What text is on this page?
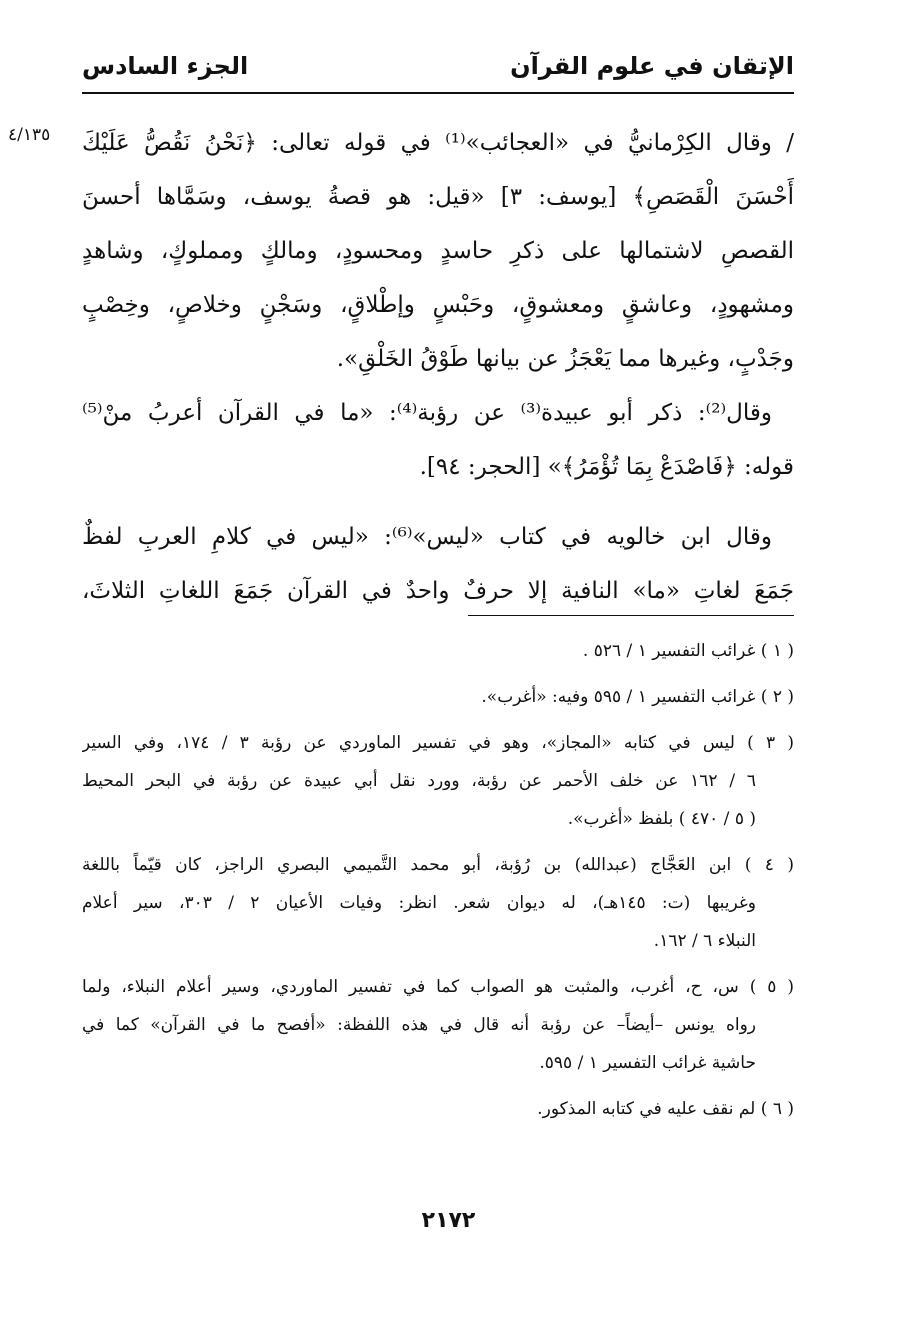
الإتقان في علوم القرآن
الجزء السادس
٤/١٣٥ / وقال الكِرْمانيُّ في «العجائب»⁽¹⁾ في قوله تعالى: ﴿نَحْنُ نَقُصُّ عَلَيْكَ
أَحْسَنَ الْقَصَصِ﴾ [يوسف: ٣] «قيل: هو قصةُ يوسف، وسَمَّاها أحسنَ
القصصِ لاشتمالها على ذكرِ حاسدٍ ومحسودٍ، ومالكٍ ومملوكٍ، وشاهدٍ
ومشهودٍ، وعاشقٍ ومعشوقٍ، وحَبْسٍ وإطْلاقٍ، وسَجْنٍ وخلاصٍ، وخِصْبٍ
وجَدْبٍ، وغيرها مما يَعْجَزُ عن بيانها طَوْقُ الخَلْقِ».
وقال⁽²⁾: ذكر أبو عبيدة⁽³⁾ عن رؤبة⁽⁴⁾: «ما في القرآن أعربُ منْ⁽⁵⁾
قوله: ﴿فَاصْدَعْ بِمَا تُؤْمَرُ﴾» [الحجر: ٩٤].
وقال ابن خالويه في كتاب «ليس»⁽⁶⁾: «ليس في كلامِ العربِ لفظٌ
جَمَعَ لغاتِ «ما» النافية إلا حرفٌ واحدٌ في القرآن جَمَعَ اللغاتِ الثلاثَ،
( ١ ) غرائب التفسير ١ / ٥٢٦ .
( ٢ ) غرائب التفسير ١ / ٥٩٥ وفيه: «أغرب».
( ٣ ) ليس في كتابه «المجاز»، وهو في تفسير الماوردي عن رؤبة ٣ / ١٧٤، وفي السير
٦ / ١٦٢ عن خلف الأحمر عن رؤبة، وورد نقل أبي عبيدة عن رؤبة في البحر المحيط
( ٥ / ٤٧٠ ) بلفظ «أغرب».
( ٤ ) ابن العَجَّاج (عبدالله) بن رُؤبة، أبو محمد التَّميمي البصري الراجز، كان قيّماً باللغة
وغريبها (ت: ١٤٥هـ)، له ديوان شعر. انظر: وفيات الأعيان ٢ / ٣٠٣، سير أعلام
النبلاء ٦ / ١٦٢.
( ٥ ) س، ح، أغرب، والمثبت هو الصواب كما في تفسير الماوردي، وسير أعلام النبلاء، ولما
رواه يونس –أيضاً– عن رؤبة أنه قال في هذه اللفظة: «أفصح ما في القرآن» كما في
حاشية غرائب التفسير ١ / ٥٩٥.
( ٦ ) لم نقف عليه في كتابه المذكور.
٢١٧٢
